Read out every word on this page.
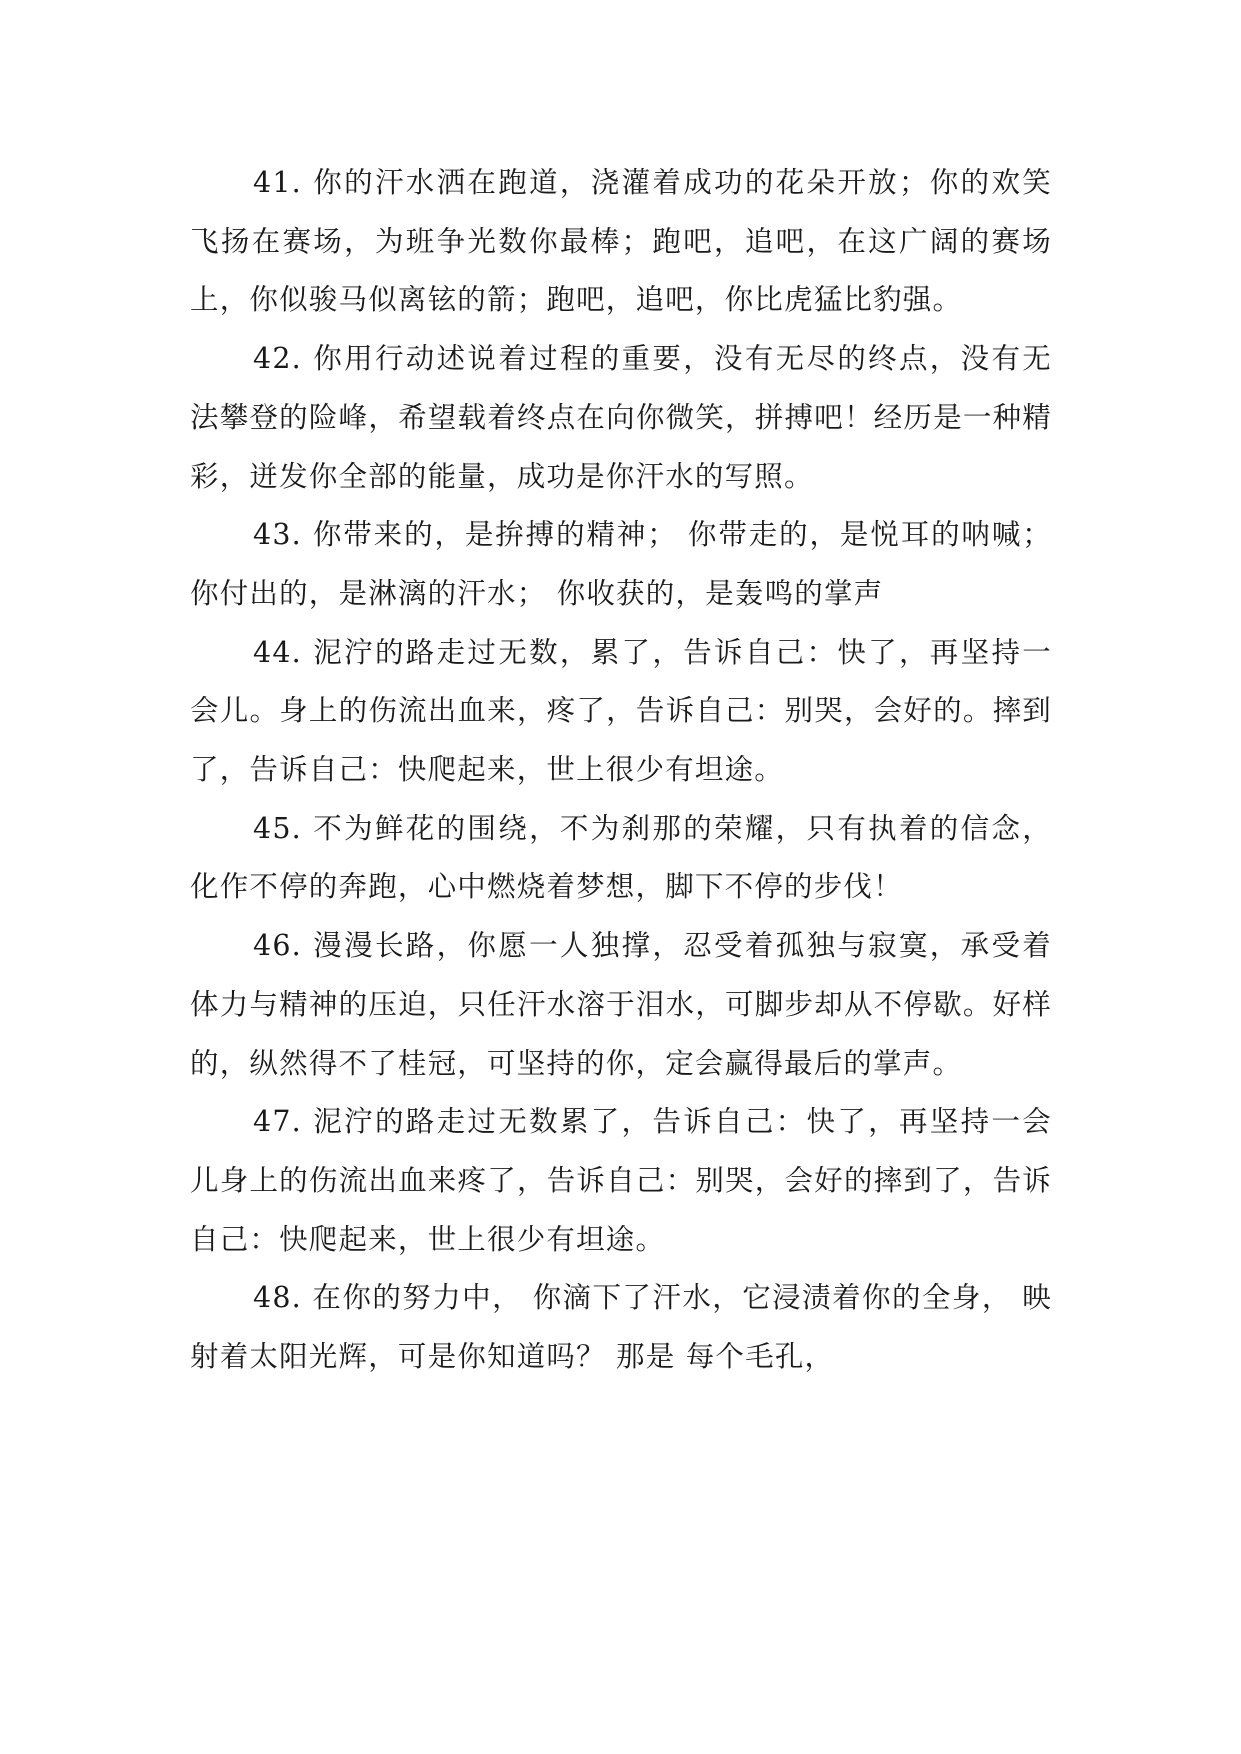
41. 你的汗水洒在跑道，浇灌着成功的花朵开放；你的欢笑飞扬在赛场，为班争光数你最棒；跑吧，追吧，在这广阔的赛场上，你似骏马似离铉的箭；跑吧，追吧，你比虎猛比豹强。

42. 你用行动述说着过程的重要，没有无尽的终点，没有无法攀登的险峰，希望载着终点在向你微笑，拼搏吧！经历是一种精彩，迸发你全部的能量，成功是你汗水的写照。

43. 你带来的，是拚搏的精神； 你带走的，是悦耳的呐喊； 你付出的，是淋漓的汗水； 你收获的，是轰鸣的掌声

44. 泥泞的路走过无数，累了，告诉自己：快了，再坚持一会儿。身上的伤流出血来，疼了，告诉自己：别哭，会好的。摔到了，告诉自己：快爬起来，世上很少有坦途。

45. 不为鲜花的围绕，不为刹那的荣耀，只有执着的信念，化作不停的奔跑，心中燃烧着梦想，脚下不停的步伐！

46. 漫漫长路，你愿一人独撑，忍受着孤独与寂寞，承受着体力与精神的压迫，只任汗水溶于泪水，可脚步却从不停歇。好样的，纵然得不了桂冠，可坚持的你，定会赢得最后的掌声。

47. 泥泞的路走过无数累了，告诉自己：快了，再坚持一会儿身上的伤流出血来疼了，告诉自己：别哭，会好的摔到了，告诉自己：快爬起来，世上很少有坦途。

48. 在你的努力中， 你滴下了汗水，它浸渍着你的全身， 映射着太阳光辉，可是你知道吗？ 那是 每个毛孔，
